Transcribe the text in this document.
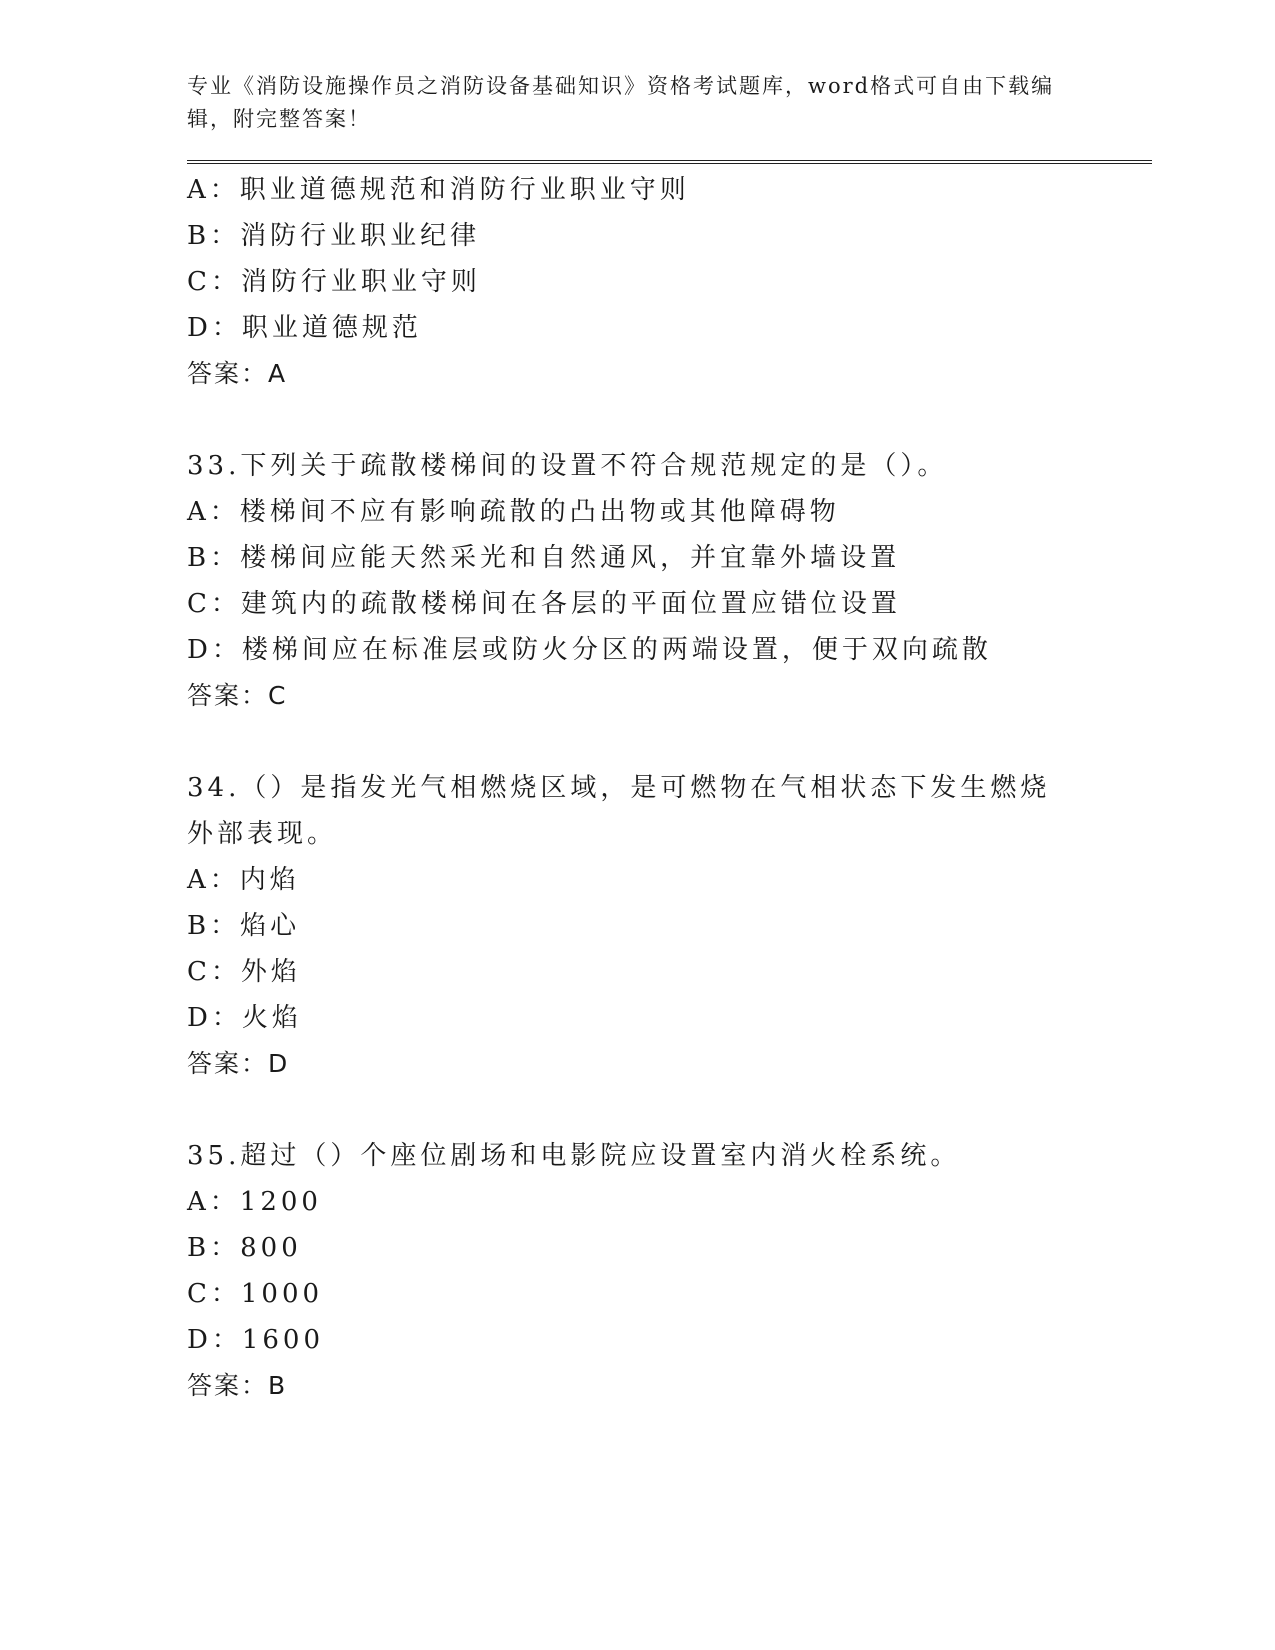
专业《消防设施操作员之消防设备基础知识》资格考试题库，word格式可自由下载编辑，附完整答案！

A：职业道德规范和消防行业职业守则
B：消防行业职业纪律
C：消防行业职业守则
D：职业道德规范
答案：A
33.下列关于疏散楼梯间的设置不符合规范规定的是（）。
A：楼梯间不应有影响疏散的凸出物或其他障碍物
B：楼梯间应能天然采光和自然通风，并宜靠外墙设置
C：建筑内的疏散楼梯间在各层的平面位置应错位设置
D：楼梯间应在标准层或防火分区的两端设置，便于双向疏散
答案：C
34.（）是指发光气相燃烧区域，是可燃物在气相状态下发生燃烧外部表现。
A：内焰
B：焰心
C：外焰
D：火焰
答案：D
35.超过（）个座位剧场和电影院应设置室内消火栓系统。
A：1200
B：800
C：1000
D：1600
答案：B
